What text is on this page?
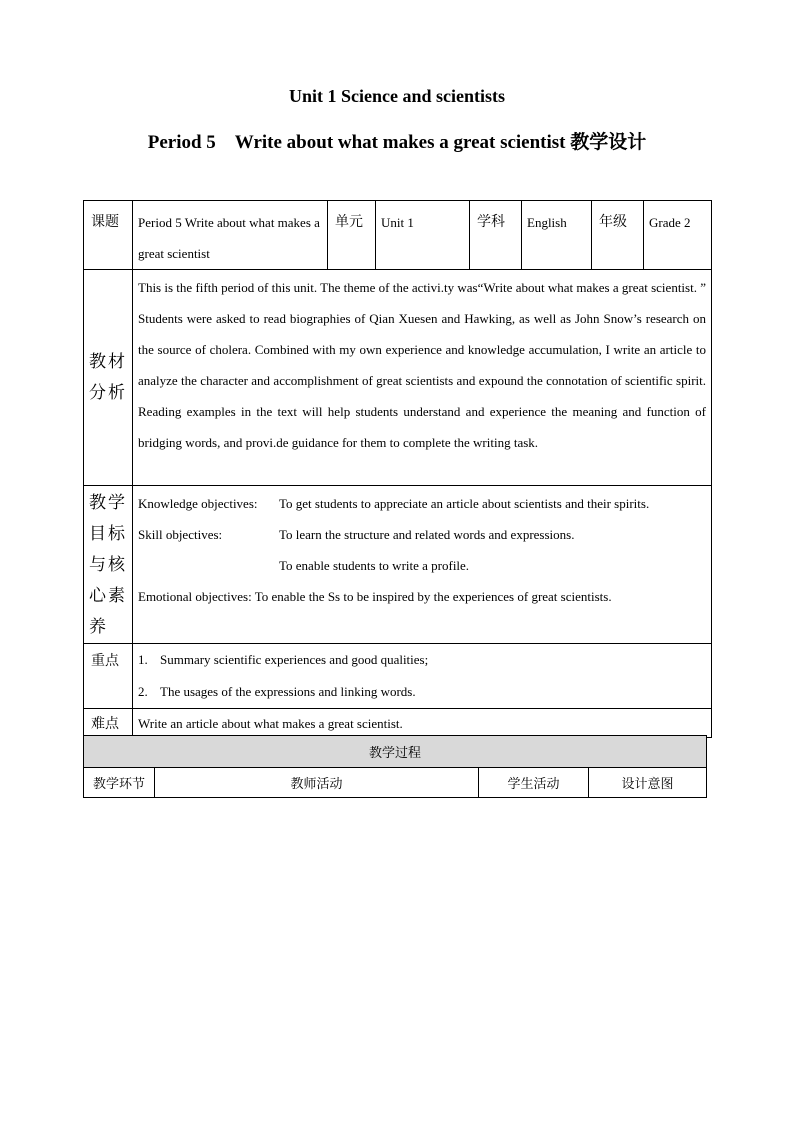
Unit 1 Science and scientists
Period 5　Write about what makes a great scientist 教学设计
课题	Period 5 Write about what makes a great scientist	单元	Unit 1	学科	English	年级	Grade 2
教材分析	This is the fifth period of this unit. The theme of the activi.ty was“Write about what makes a great scientist. ” Students were asked to read biographies of Qian Xuesen and Hawking, as well as John Snow’s research on the source of cholera. Combined with my own experience and knowledge accumulation, I write an article to analyze the character and accomplishment of great scientists and expound the connotation of scientific spirit. Reading examples in the text will help students understand and experience the meaning and function of bridging words, and provi.de guidance for them to complete the writing task.						
教学目标与核心素养	Knowledge objectives: To get students to appreciate an article about scientists and their spirits.
Skill objectives: To learn the structure and related words and expressions.
To enable students to write a profile.
Emotional objectives: To enable the Ss to be inspired by the experiences of great scientists.						

重点	1. Summary scientific experiences and good qualities;
2. The usages of the expressions and linking words.						

难点	Write an article about what makes a great scientist.						
教学过程
教学环节	教师活动	学生活动	设计意图
